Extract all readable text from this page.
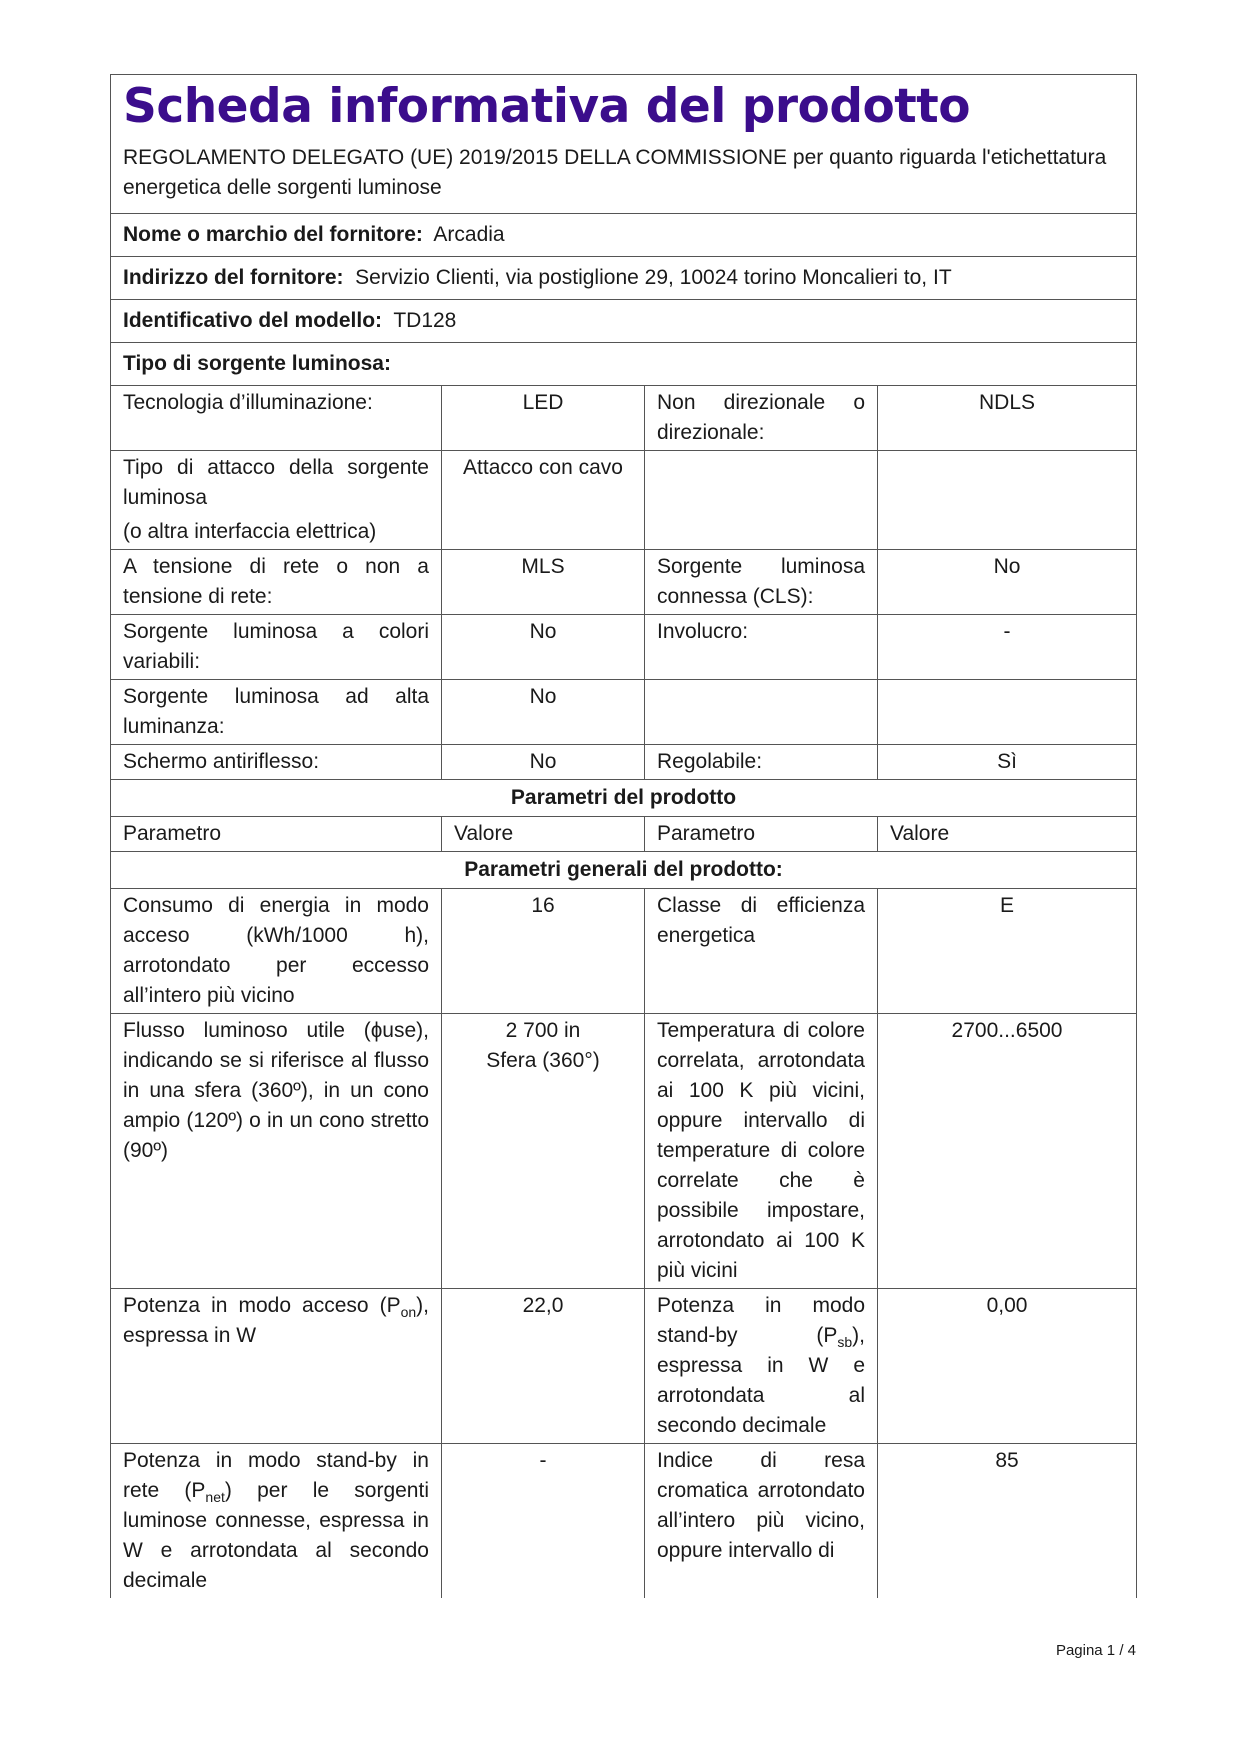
Scheda informativa del prodotto
REGOLAMENTO DELEGATO (UE) 2019/2015 DELLA COMMISSIONE per quanto riguarda l'etichettatura energetica delle sorgenti luminose			

Nome o marchio del fornitore: Arcadia			
Indirizzo del fornitore: Servizio Clienti, via postiglione 29, 10024 torino Moncalieri to, IT			
Identificativo del modello: TD128			
Tipo di sorgente luminosa:			
Tecnologia d’illuminazione:	LED	Non direzionale o direzionale:	NDLS

Tipo di attacco della sorgente luminosa
(o altra interfaccia elettrica)	Attacco con cavo		
A tensione di rete o non a tensione di rete:	MLS	Sorgente luminosa connessa (CLS):	No
Sorgente luminosa a colori variabili:	No	Involucro:	-
Sorgente luminosa ad alta luminanza:	No		
Schermo antiriflesso:	No	Regolabile:	Sì
Parametri del prodotto			
Parametro	Valore	Parametro	Valore
Parametri generali del prodotto:			
Consumo di energia in modo acceso (kWh/1000 h), arrotondato per eccesso all’intero più vicino	16	Classe di efficienza energetica	E
Flusso luminoso utile (ɸuse), indicando se si riferisce al flusso in una sfera (360º), in un cono ampio (120º) o in un cono stretto (90º)	2 700 in Sfera (360°)	Temperatura di colore correlata, arrotondata ai 100 K più vicini, oppure intervallo di temperature di colore correlate che è possibile impostare, arrotondato ai 100 K più vicini	2700...6500
Potenza in modo acceso $(P_{on})$, espressa in W	22,0	Potenza in modo stand-by $(P_{sb})$, espressa in W e arrotondata al secondo decimale	0,00
Potenza in modo stand-by in rete $(P_{net})$ per le sorgenti luminose connesse, espressa in W e arrotondata al secondo decimale	-	Indice di resa cromatica arrotondato all’intero più vicino, oppure intervallo di	85
Pagina 1 / 4
